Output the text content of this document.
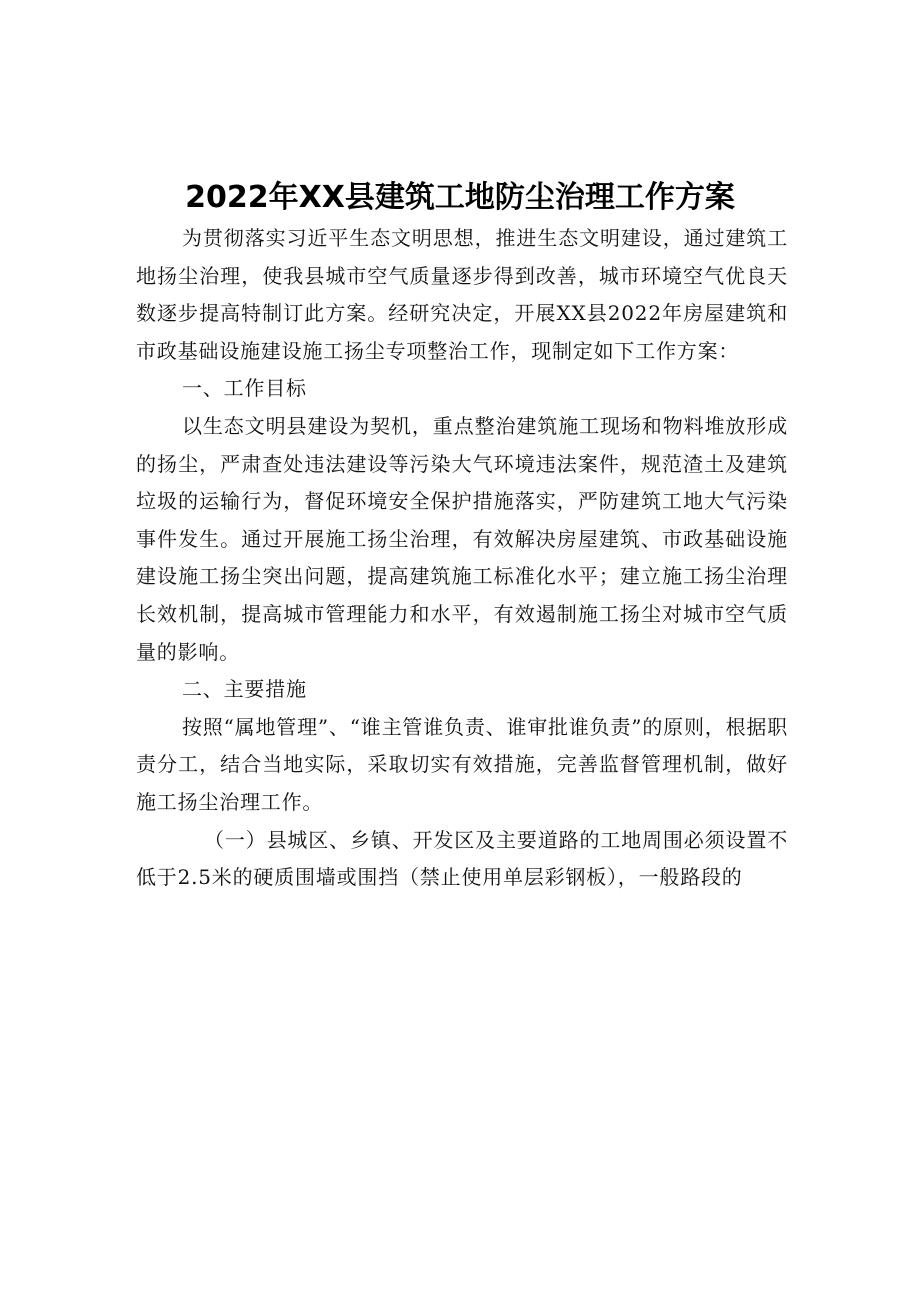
2022年XX县建筑工地防尘治理工作方案

为贯彻落实习近平生态文明思想，推进生态文明建设，通过建筑工地扬尘治理，使我县城市空气质量逐步得到改善，城市环境空气优良天数逐步提高特制订此方案。经研究决定，开展XX县2022年房屋建筑和市政基础设施建设施工扬尘专项整治工作，现制定如下工作方案：

一、工作目标

以生态文明县建设为契机，重点整治建筑施工现场和物料堆放形成的扬尘，严肃查处违法建设等污染大气环境违法案件，规范渣土及建筑垃圾的运输行为，督促环境安全保护措施落实，严防建筑工地大气污染事件发生。通过开展施工扬尘治理，有效解决房屋建筑、市政基础设施建设施工扬尘突出问题，提高建筑施工标准化水平；建立施工扬尘治理长效机制，提高城市管理能力和水平，有效遏制施工扬尘对城市空气质量的影响。

二、主要措施

按照“属地管理”、“谁主管谁负责、谁审批谁负责”的原则，根据职责分工，结合当地实际，采取切实有效措施，完善监督管理机制，做好施工扬尘治理工作。

（一）县城区、乡镇、开发区及主要道路的工地周围必须设置不低于2.5米的硬质围墙或围挡（禁止使用单层彩钢板），一般路段的
